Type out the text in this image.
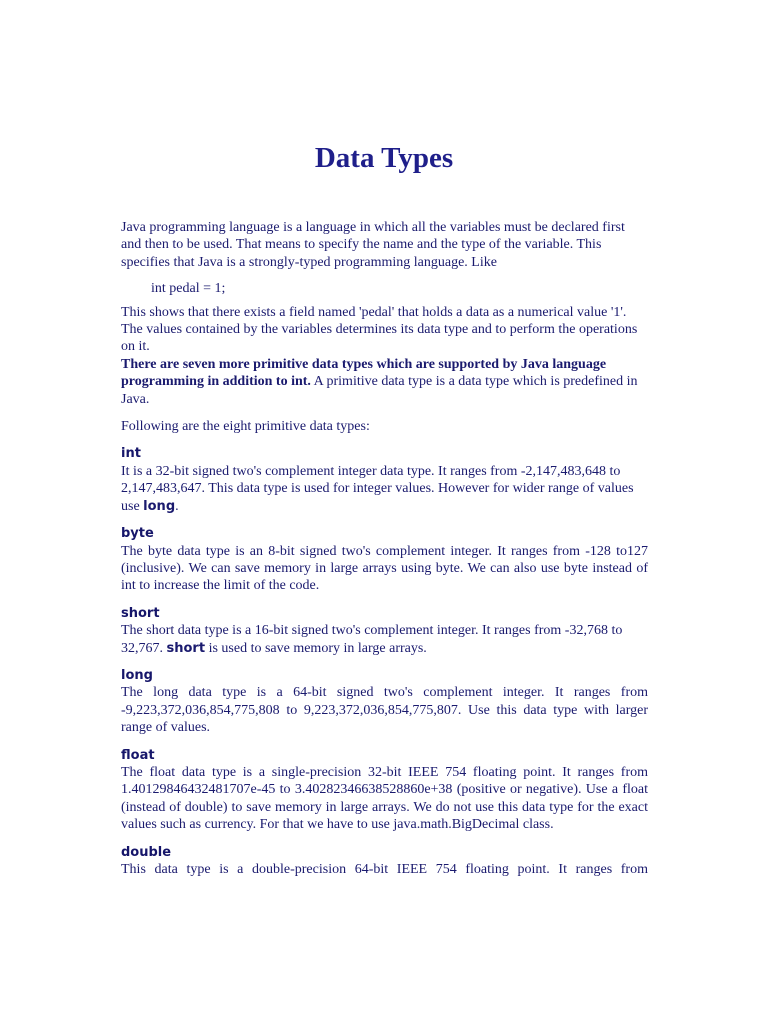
Data Types

Java programming language is a language in which all the variables must be declared first and then to be used. That means to specify the name and the type of the variable. This specifies that Java is a strongly-typed programming language. Like

int pedal = 1;

This shows that there exists a field named 'pedal' that holds a data as a numerical value '1'. The values contained by the variables determines its data type and to perform the operations on it.

There are seven more primitive data types which are supported by Java language programming in addition to int. A primitive data type is a data type which is predefined in Java.

Following are the eight primitive data types:

int

It is a 32-bit signed two's complement integer data type. It ranges from -2,147,483,648 to 2,147,483,647. This data type is used for integer values. However for wider range of values use long.

byte

The byte data type is an 8-bit signed two's complement integer. It ranges from -128 to127 (inclusive). We can save memory in large arrays using byte. We can also use byte instead of int to increase the limit of the code.

short

The short data type is a 16-bit signed two's complement integer. It ranges from -32,768 to 32,767. short is used to save memory in large arrays.

long

The long data type is a 64-bit signed two's complement integer. It ranges from -9,223,372,036,854,775,808 to 9,223,372,036,854,775,807. Use this data type with larger range of values.

float

The float data type is a single-precision 32-bit IEEE 754 floating point. It ranges from 1.40129846432481707e-45 to 3.40282346638528860e+38 (positive or negative). Use a float (instead of double) to save memory in large arrays. We do not use this data type for the exact values such as currency. For that we have to use java.math.BigDecimal class.

double

This data type is a double-precision 64-bit IEEE 754 floating point. It ranges from
